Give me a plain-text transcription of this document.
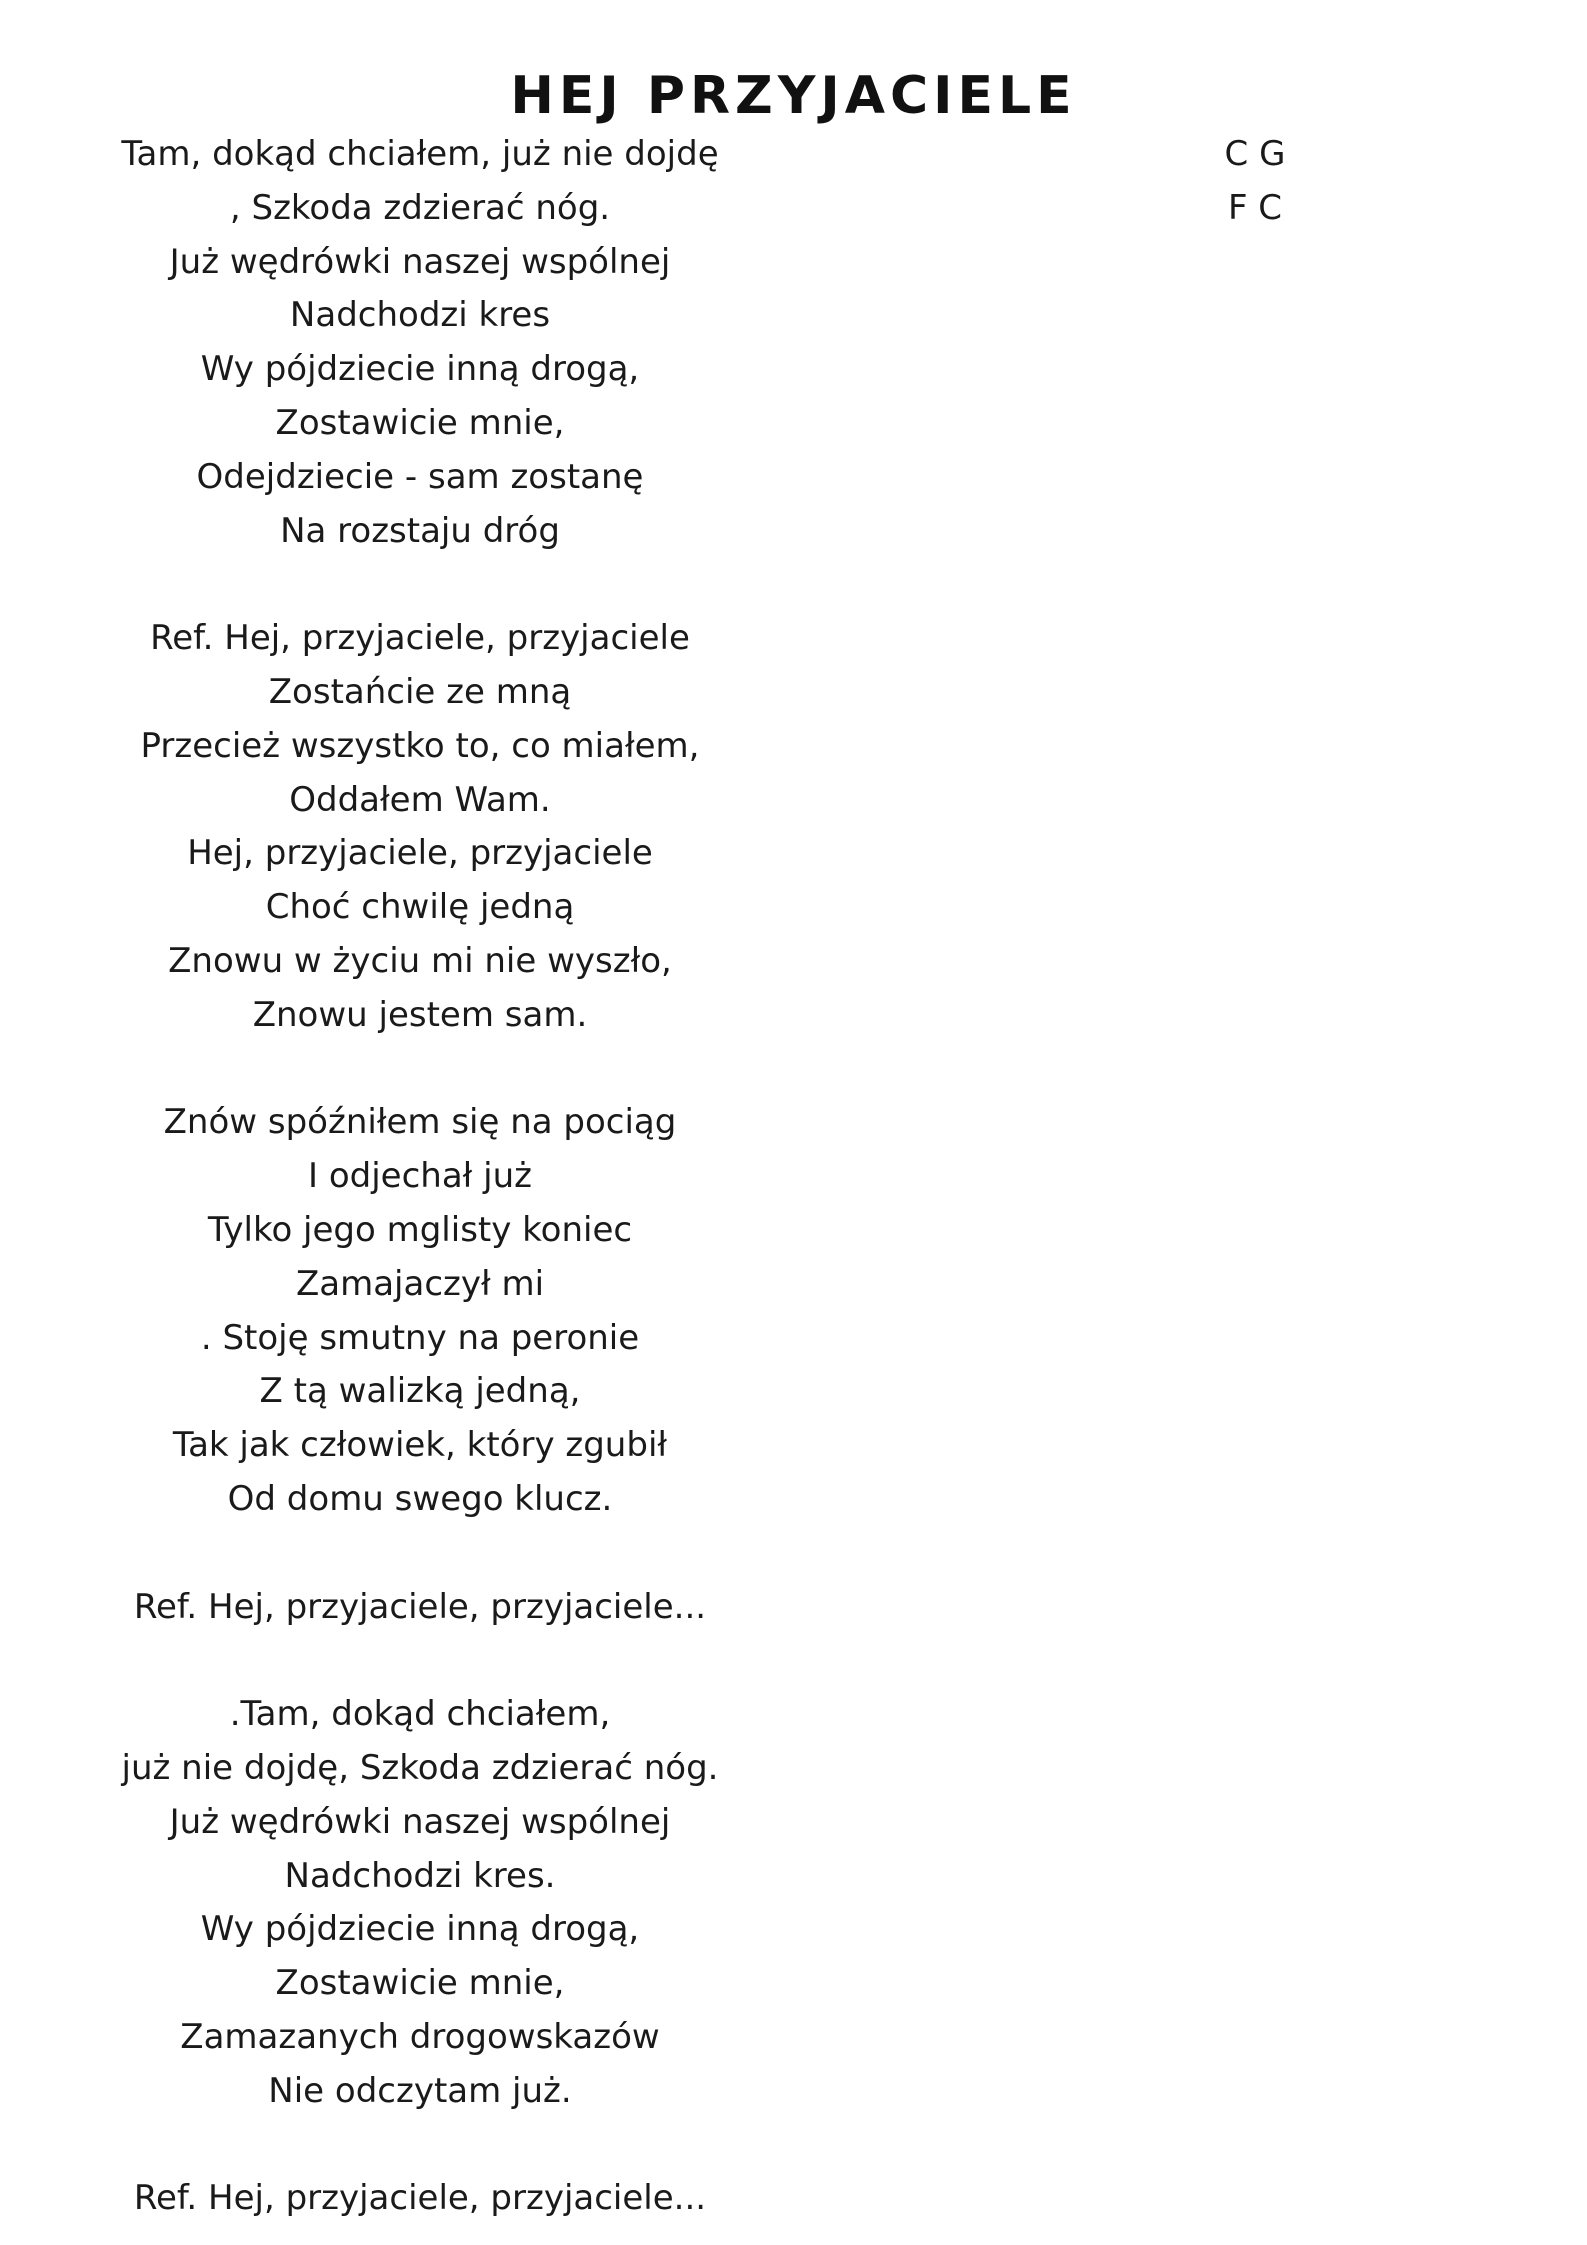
HEJ PRZYJACIELE
Tam, dokąd chciałem, już nie dojdę
, Szkoda zdzierać nóg.
Już wędrówki naszej wspólnej
Nadchodzi kres
Wy pójdziecie inną drogą,
Zostawicie mnie,
Odejdziecie - sam zostanę
Na rozstaju dróg
Ref. Hej, przyjaciele, przyjaciele
Zostańcie ze mną
Przecież wszystko to, co miałem,
Oddałem Wam.
Hej, przyjaciele, przyjaciele
Choć chwilę jedną
Znowu w życiu mi nie wyszło,
Znowu jestem sam.
Znów spóźniłem się na pociąg
I odjechał już
Tylko jego mglisty koniec
Zamajaczył mi
. Stoję smutny na peronie
Z tą walizką jedną,
Tak jak człowiek, który zgubił
Od domu swego klucz.
Ref. Hej, przyjaciele, przyjaciele...
.Tam, dokąd chciałem,
już nie dojdę, Szkoda zdzierać nóg.
Już wędrówki naszej wspólnej
Nadchodzi kres.
Wy pójdziecie inną drogą,
Zostawicie mnie,
Zamazanych drogowskazów
Nie odczytam już.
Ref. Hej, przyjaciele, przyjaciele...
C G
F C
